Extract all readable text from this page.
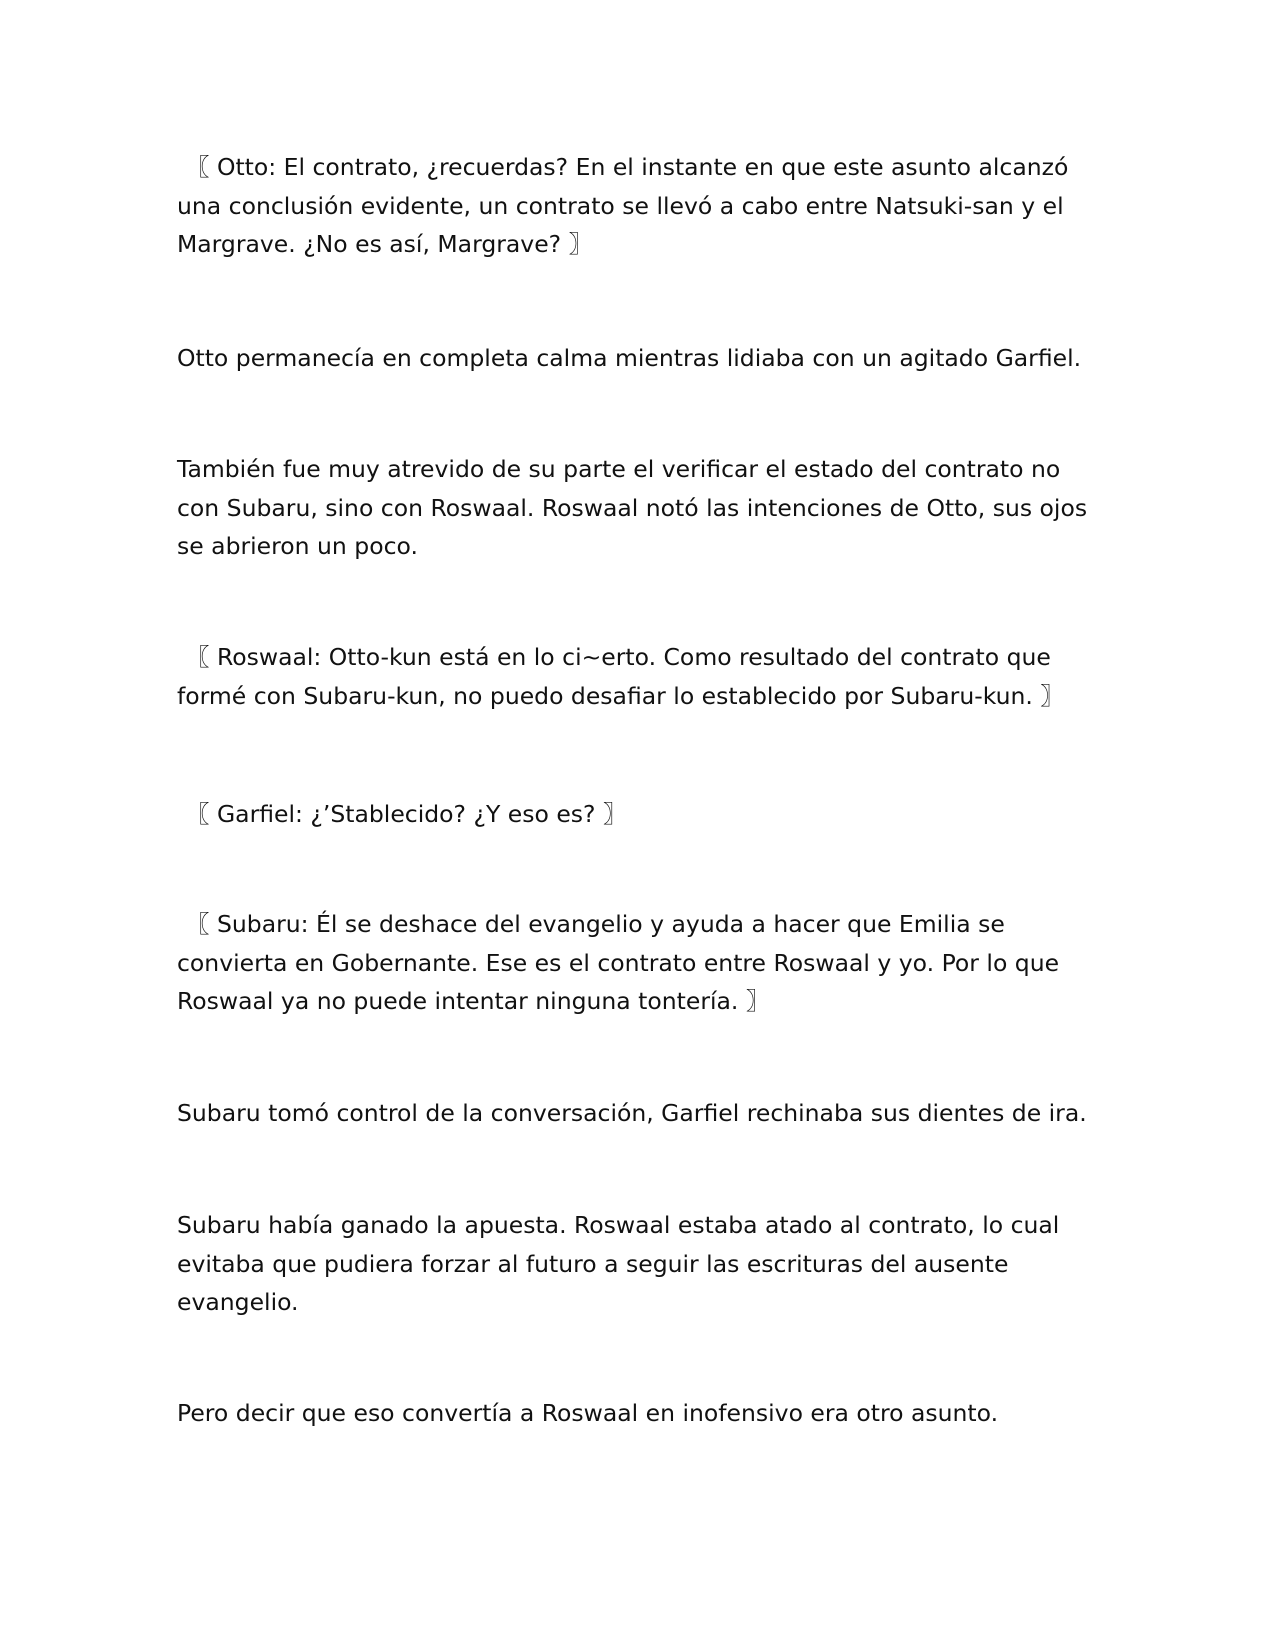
〖 Otto: El contrato, ¿recuerdas? En el instante en que este asunto alcanzó una conclusión evidente, un contrato se llevó a cabo entre Natsuki-san y el Margrave. ¿No es así, Margrave? 〗

Otto permanecía en completa calma mientras lidiaba con un agitado Garfiel.

También fue muy atrevido de su parte el verificar el estado del contrato no con Subaru, sino con Roswaal. Roswaal notó las intenciones de Otto, sus ojos se abrieron un poco.

〖 Roswaal: Otto-kun está en lo ci~erto. Como resultado del contrato que formé con Subaru-kun, no puedo desafiar lo establecido por Subaru-kun. 〗

〖 Garfiel: ¿’Stablecido? ¿Y eso es? 〗

〖 Subaru: Él se deshace del evangelio y ayuda a hacer que Emilia se convierta en Gobernante. Ese es el contrato entre Roswaal y yo. Por lo que Roswaal ya no puede intentar ninguna tontería. 〗

Subaru tomó control de la conversación, Garfiel rechinaba sus dientes de ira.

Subaru había ganado la apuesta. Roswaal estaba atado al contrato, lo cual evitaba que pudiera forzar al futuro a seguir las escrituras del ausente evangelio.

Pero decir que eso convertía a Roswaal en inofensivo era otro asunto.
